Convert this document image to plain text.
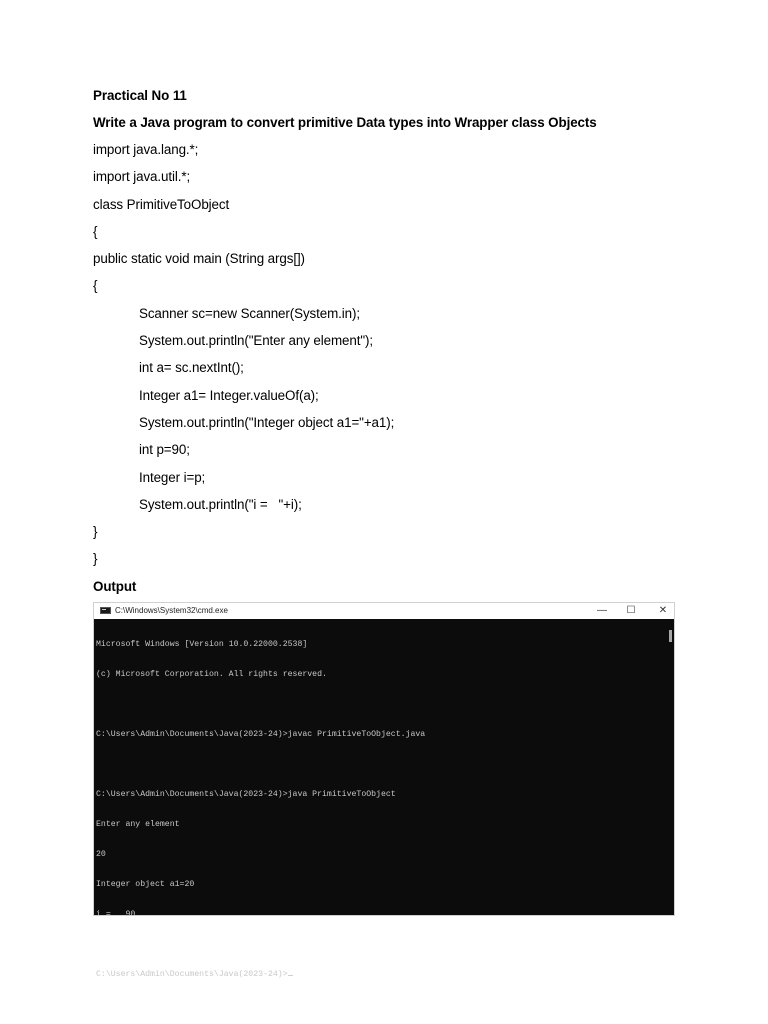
Practical No 11
Write a Java program to convert primitive Data types into Wrapper class Objects
import java.lang.*;
import java.util.*;
class PrimitiveToObject
{
public static void main (String args[])
{
Scanner sc=new Scanner(System.in);
System.out.println("Enter any element");
int a= sc.nextInt();
Integer a1= Integer.valueOf(a);
System.out.println("Integer object a1="+a1);
int p=90;
Integer i=p;
System.out.println("i =   "+i);
}
}
Output
C:\Windows\System32\cmd.exe	—	☐	✕

Microsoft Windows [Version 10.0.22000.2538]

(c) Microsoft Corporation. All rights reserved.

C:\Users\Admin\Documents\Java(2023-24)>javac PrimitiveToObject.java

C:\Users\Admin\Documents\Java(2023-24)>java PrimitiveToObject

Enter any element

20

Integer object a1=20

i =   90

C:\Users\Admin\Documents\Java(2023-24)>
